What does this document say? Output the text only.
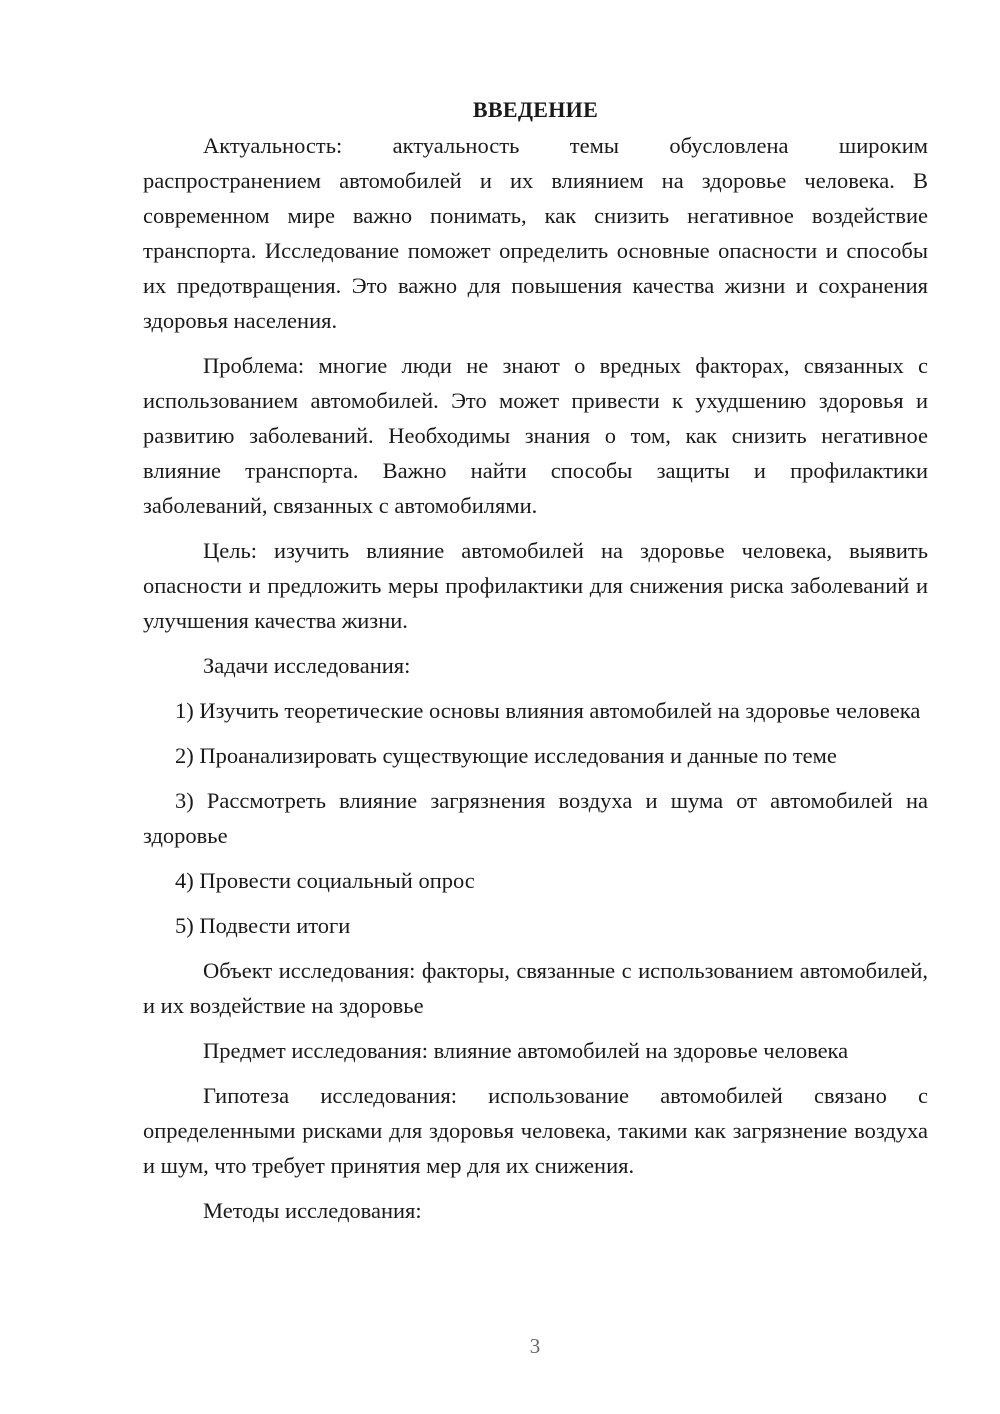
ВВЕДЕНИЕ

Актуальность: актуальность темы обусловлена широким распространением автомобилей и их влиянием на здоровье человека. В современном мире важно понимать, как снизить негативное воздействие транспорта. Исследование поможет определить основные опасности и способы их предотвращения. Это важно для повышения качества жизни и сохранения здоровья населения.

Проблема: многие люди не знают о вредных факторах, связанных с использованием автомобилей. Это может привести к ухудшению здоровья и развитию заболеваний. Необходимы знания о том, как снизить негативное влияние транспорта. Важно найти способы защиты и профилактики заболеваний, связанных с автомобилями.

Цель: изучить влияние автомобилей на здоровье человека, выявить опасности и предложить меры профилактики для снижения риска заболеваний и улучшения качества жизни.

Задачи исследования:

1) Изучить теоретические основы влияния автомобилей на здоровье человека

2) Проанализировать существующие исследования и данные по теме

3) Рассмотреть влияние загрязнения воздуха и шума от автомобилей на здоровье

4) Провести социальный опрос

5) Подвести итоги

Объект исследования: факторы, связанные с использованием автомобилей, и их воздействие на здоровье

Предмет исследования: влияние автомобилей на здоровье человека

Гипотеза исследования: использование автомобилей связано с определенными рисками для здоровья человека, такими как загрязнение воздуха и шум, что требует принятия мер для их снижения.

Методы исследования:

3
